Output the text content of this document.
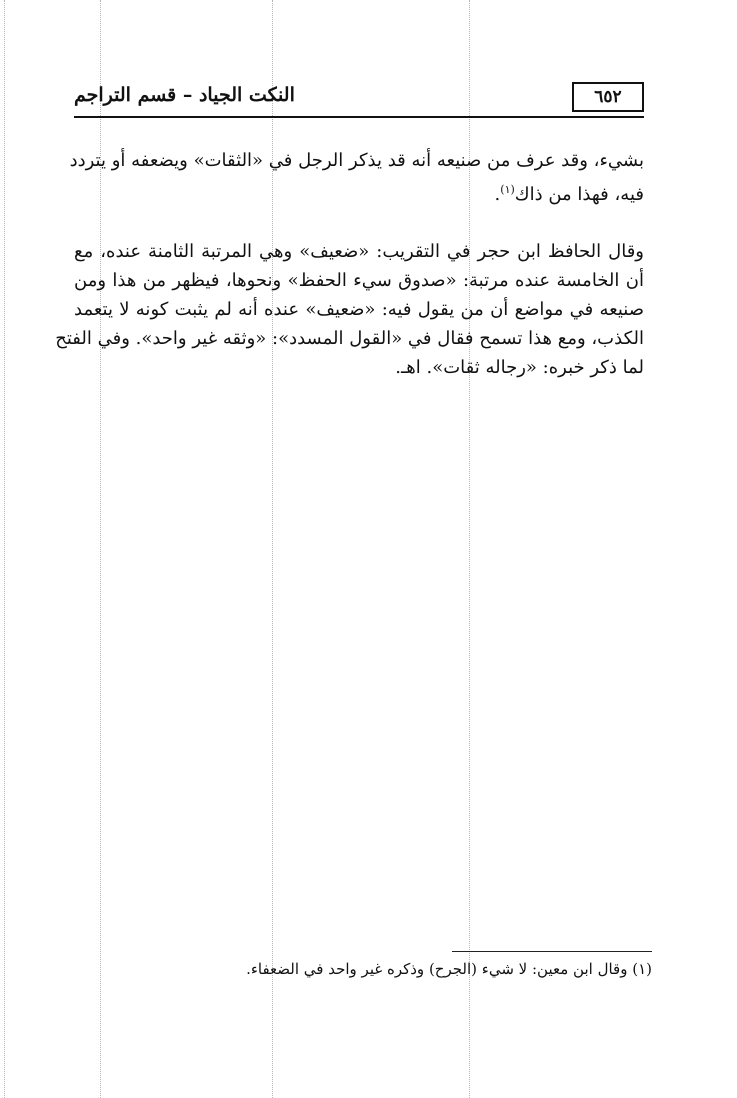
٦٥٢
النكت الجياد – قسم التراجم
بشيء، وقد عرف من صنيعه أنه قد يذكر الرجل في «الثقات» ويضعفه أو يتردد
فيه، فهذا من ذاك$^{(١)}$.
وقال الحافظ ابن حجر في التقريب: «ضعيف» وهي المرتبة الثامنة عنده، مع
أن الخامسة عنده مرتبة: «صدوق سيء الحفظ» ونحوها، فيظهر من هذا ومن
صنيعه في مواضع أن من يقول فيه: «ضعيف» عنده أنه لم يثبت كونه لا يتعمد
الكذب، ومع هذا تسمح فقال في «القول المسدد»: «وثقه غير واحد». وفي الفتح
لما ذكر خبره: «رجاله ثقات». اهـ.
(١) وقال ابن معين: لا شيء (الجرح) وذكره غير واحد في الضعفاء.
